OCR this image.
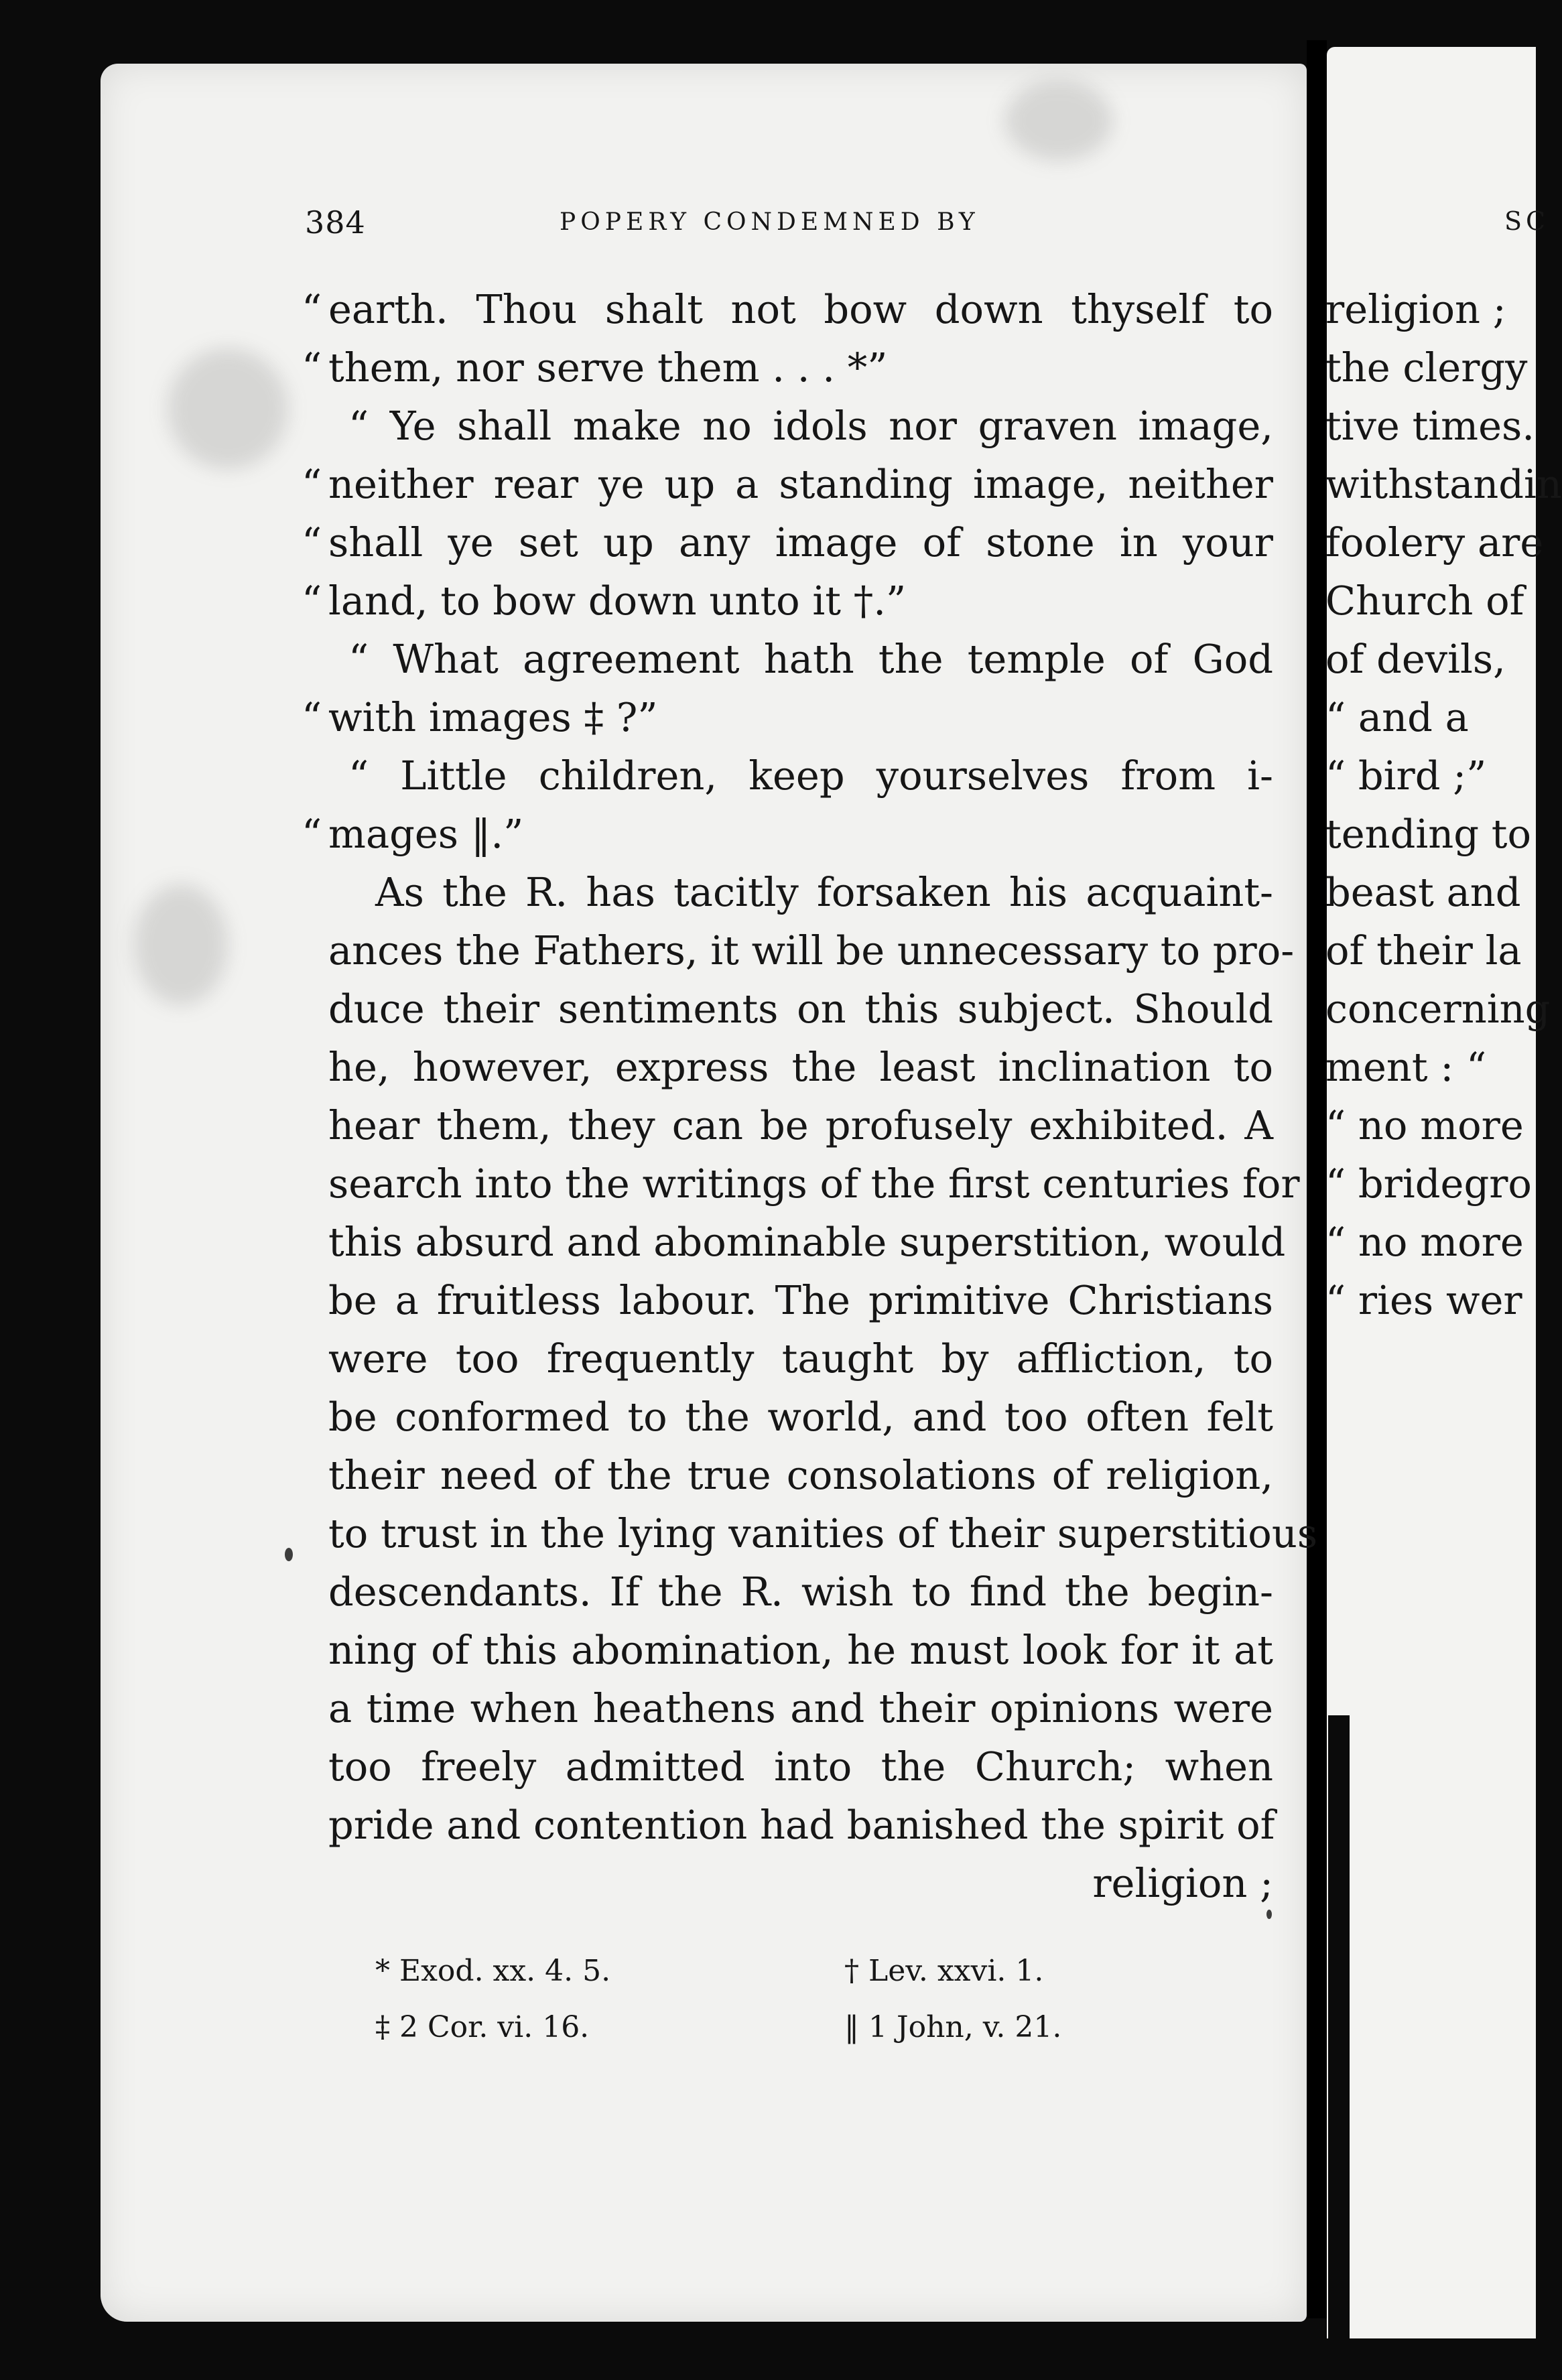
384	POPERY CONDEMNED BY	SC
“ earth. Thou shalt not bow down thyself to
“ them, nor serve them . . . *”
“ Ye shall make no idols nor graven image,
“ neither rear ye up a standing image, neither
“ shall ye set up any image of stone in your
“ land, to bow down unto it †.”
“ What agreement hath the temple of God
“ with images ‡ ?”
“ Little children, keep yourselves from i-
“ mages ‖.”
As the R. has tacitly forsaken his acquaint-
ances the Fathers, it will be unnecessary to pro-
duce their sentiments on this subject. Should
he, however, express the least inclination to
hear them, they can be profusely exhibited. A
search into the writings of the first centuries for
this absurd and abominable superstition, would
be a fruitless labour. The primitive Christians
were too frequently taught by affliction, to
be conformed to the world, and too often felt
their need of the true consolations of religion,
to trust in the lying vanities of their superstitious
descendants. If the R. wish to find the begin-
ning of this abomination, he must look for it at
a time when heathens and their opinions were
too freely admitted into the Church; when
pride and contention had banished the spirit of
religion ;
* Exod. xx. 4. 5.	† Lev. xxvi. 1.
‡ 2 Cor. vi. 16.	‖ 1 John, v. 21.
religion ;
the clergy
tive times.
withstandin
foolery are
Church of
of devils,
“ and a
“ bird ;”
tending to
beast and
of their la
concerning
ment : “
“ no more
“ bridegro
“ no more
“ ries wer
